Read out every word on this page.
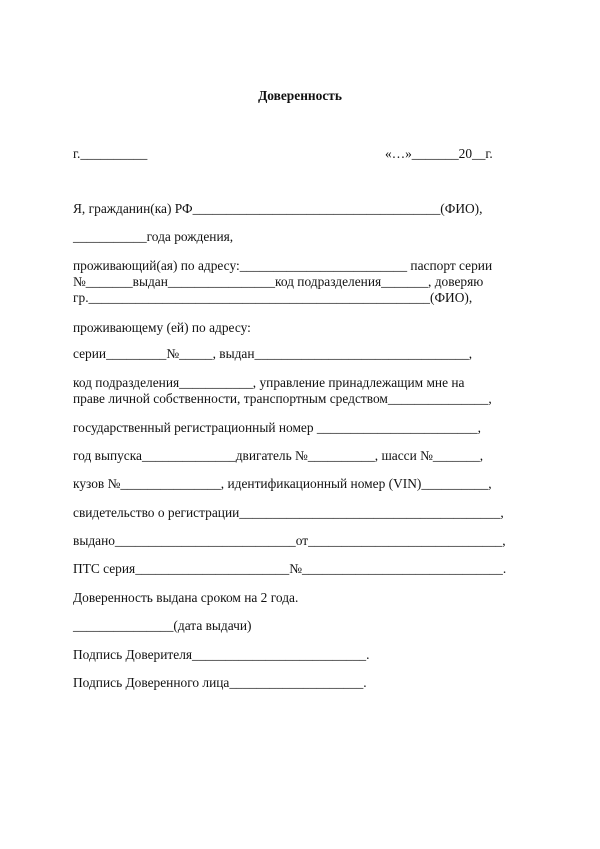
Доверенность
г.__________	«…»_______20__г.
Я, гражданин(ка) РФ_____________________________________(ФИО),
___________года рождения,
проживающий(ая) по адресу:_________________________ паспорт серии
№_______выдан________________код подразделения_______, доверяю
гр.___________________________________________________(ФИО),
проживающему (ей) по адресу:
серии_________№_____, выдан________________________________,
код подразделения___________, управление принадлежащим мне на
праве личной собственности, транспортным средством_______________,
государственный регистрационный номер ________________________,
год выпуска______________двигатель №__________, шасси №_______,
кузов №_______________, идентификационный номер (VIN)__________,
свидетельство о регистрации_______________________________________,
выдано___________________________от_____________________________,
ПТС серия_______________________№______________________________.
Доверенность выдана сроком на 2 года.
_______________(дата выдачи)
Подпись Доверителя__________________________.
Подпись Доверенного лица____________________.
